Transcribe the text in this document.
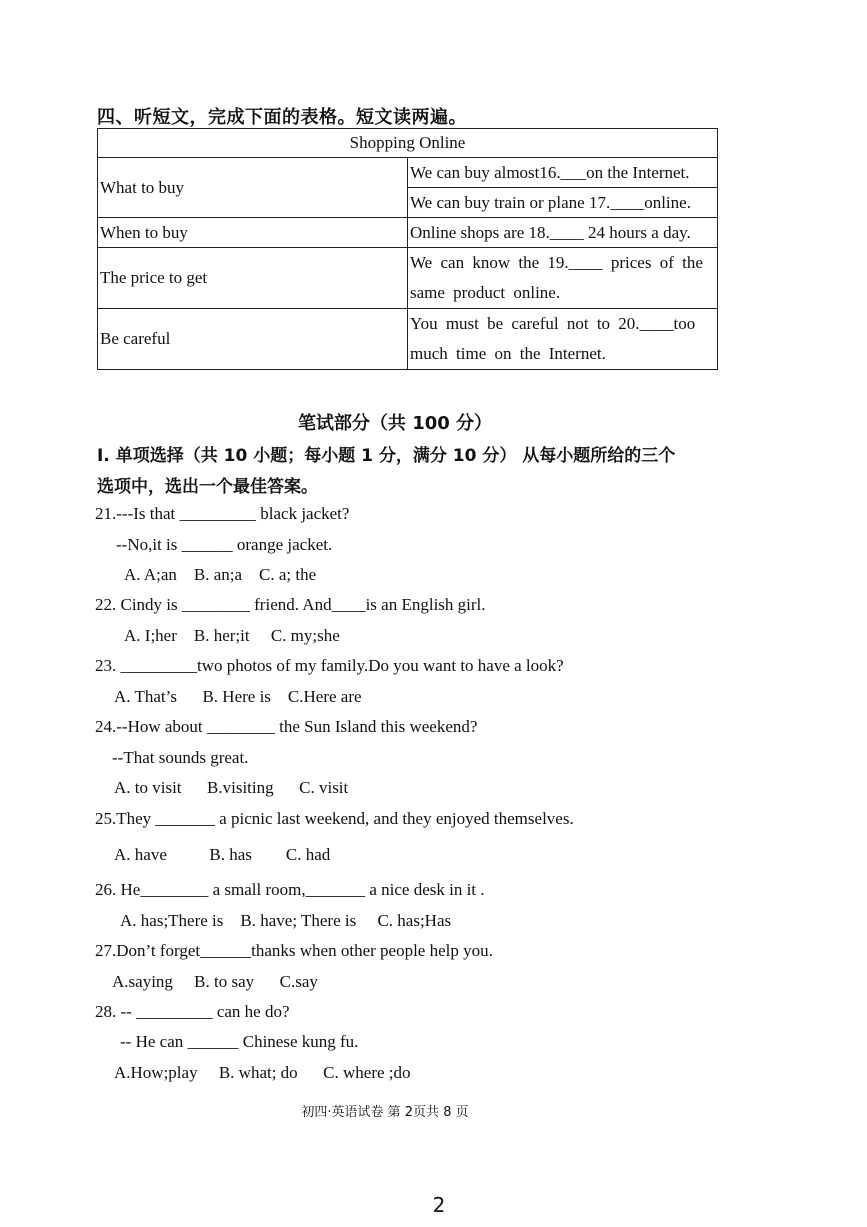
四、听短文，完成下面的表格。短文读两遍。
Shopping Online	
What to buy	We can buy almost16.___on the Internet.
	We can buy train or plane 17.____online.
When to buy	Online shops are 18.____ 24 hours a day.
The price to get	We can know the 19.____ prices of the same product online.

Be careful	You must be careful not to 20.____too much time on the Internet.
笔试部分（共 100 分）
I. 单项选择（共 10 小题；每小题 1 分，满分 10 分） 从每小题所给的三个
选项中，选出一个最佳答案。
21.---Is that _________ black jacket?
--No,it is ______ orange jacket.
A. A;an    B. an;a    C. a; the
22. Cindy is ________ friend. And____is an English girl.
A. I;her    B. her;it     C. my;she
23. _________two photos of my family.Do you want to have a look?
A. That’s      B. Here is    C.Here are
24.--How about ________ the Sun Island this weekend?
--That sounds great.
A. to visit      B.visiting      C. visit
25.They _______ a picnic last weekend, and they enjoyed themselves.
A. have          B. has        C. had
26. He________ a small room,_______ a nice desk in it .
A. has;There is    B. have; There is     C. has;Has
27.Don’t forget______thanks when other people help you.
A.saying     B. to say      C.say
28. -- _________ can he do?
-- He can ______ Chinese kung fu.
A.How;play     B. what; do      C. where ;do
初四·英语试卷 第 2页共 8 页
2
